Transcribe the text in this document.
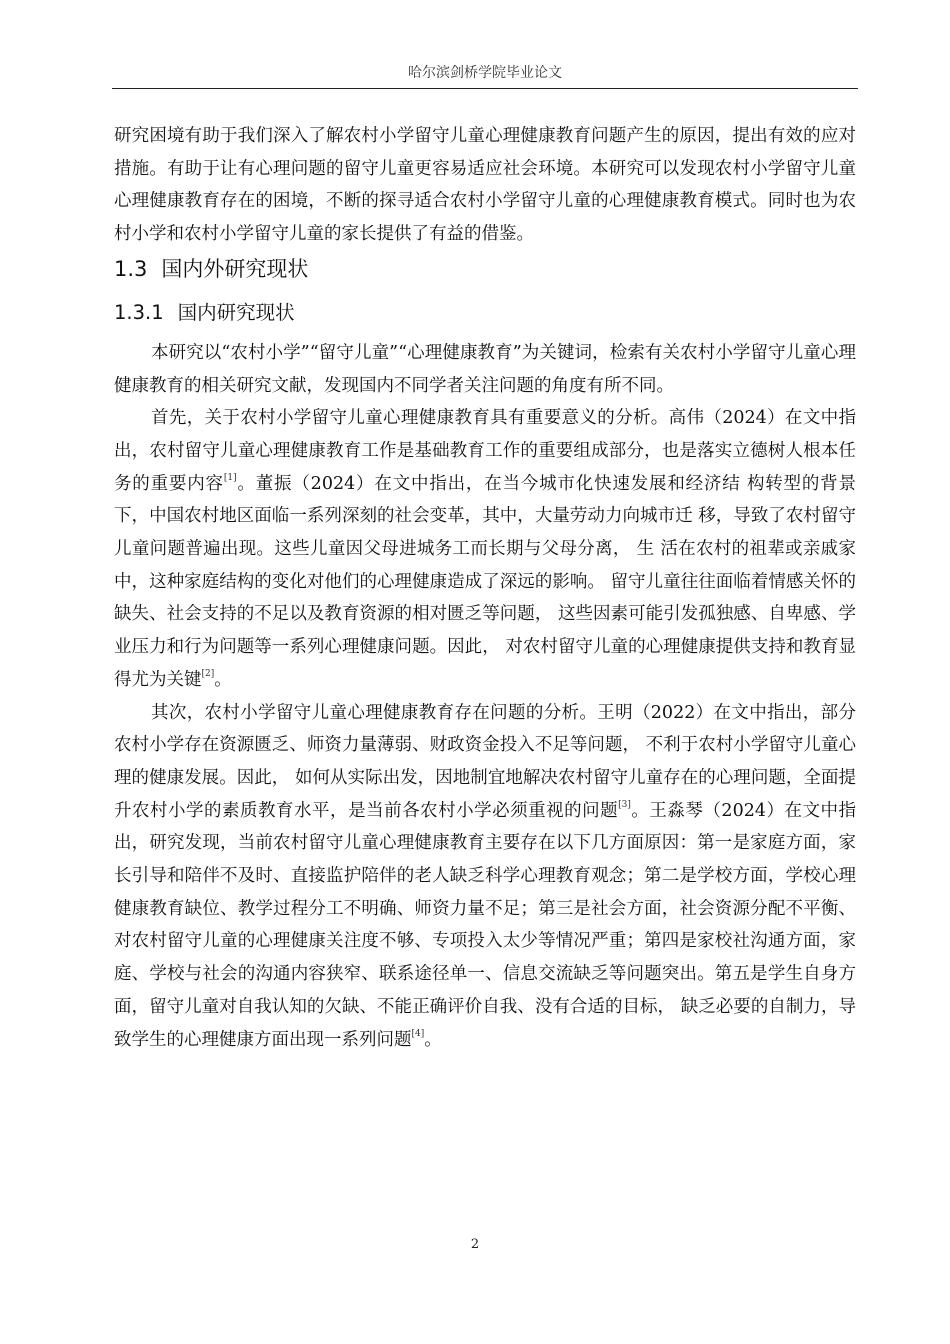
哈尔滨剑桥学院毕业论文

研究困境有助于我们深入了解农村小学留守儿童心理健康教育问题产生的原因，提出有效的应对措施。有助于让有心理问题的留守儿童更容易适应社会环境。本研究可以发现农村小学留守儿童心理健康教育存在的困境，不断的探寻适合农村小学留守儿童的心理健康教育模式。同时也为农村小学和农村小学留守儿童的家长提供了有益的借鉴。

1.3 国内外研究现状
1.3.1 国内研究现状

本研究以“农村小学”“留守儿童”“心理健康教育”为关键词，检索有关农村小学留守儿童心理健康教育的相关研究文献，发现国内不同学者关注问题的角度有所不同。

首先，关于农村小学留守儿童心理健康教育具有重要意义的分析。高伟（2024）在文中指出，农村留守儿童心理健康教育工作是基础教育工作的重要组成部分，也是落实立德树人根本任务的重要内容[1]。董振（2024）在文中指出，在当今城市化快速发展和经济结 构转型的背景下，中国农村地区面临一系列深刻的社会变革，其中，大量劳动力向城市迁 移，导致了农村留守儿童问题普遍出现。这些儿童因父母进城务工而长期与父母分离， 生 活在农村的祖辈或亲戚家中，这种家庭结构的变化对他们的心理健康造成了深远的影响。 留守儿童往往面临着情感关怀的缺失、社会支持的不足以及教育资源的相对匮乏等问题， 这些因素可能引发孤独感、自卑感、学业压力和行为问题等一系列心理健康问题。因此， 对农村留守儿童的心理健康提供支持和教育显得尤为关键[2]。

其次，农村小学留守儿童心理健康教育存在问题的分析。王明（2022）在文中指出，部分农村小学存在资源匮乏、师资力量薄弱、财政资金投入不足等问题， 不利于农村小学留守儿童心理的健康发展。因此， 如何从实际出发，因地制宜地解决农村留守儿童存在的心理问题，全面提升农村小学的素质教育水平，是当前各农村小学必须重视的问题[3]。王淼琴（2024）在文中指出，研究发现，当前农村留守儿童心理健康教育主要存在以下几方面原因：第一是家庭方面，家长引导和陪伴不及时、直接监护陪伴的老人缺乏科学心理教育观念；第二是学校方面，学校心理健康教育缺位、教学过程分工不明确、师资力量不足；第三是社会方面，社会资源分配不平衡、对农村留守儿童的心理健康关注度不够、专项投入太少等情况严重；第四是家校社沟通方面，家庭、学校与社会的沟通内容狭窄、联系途径单一、信息交流缺乏等问题突出。第五是学生自身方面，留守儿童对自我认知的欠缺、不能正确评价自我、没有合适的目标， 缺乏必要的自制力，导致学生的心理健康方面出现一系列问题[4]。

2
